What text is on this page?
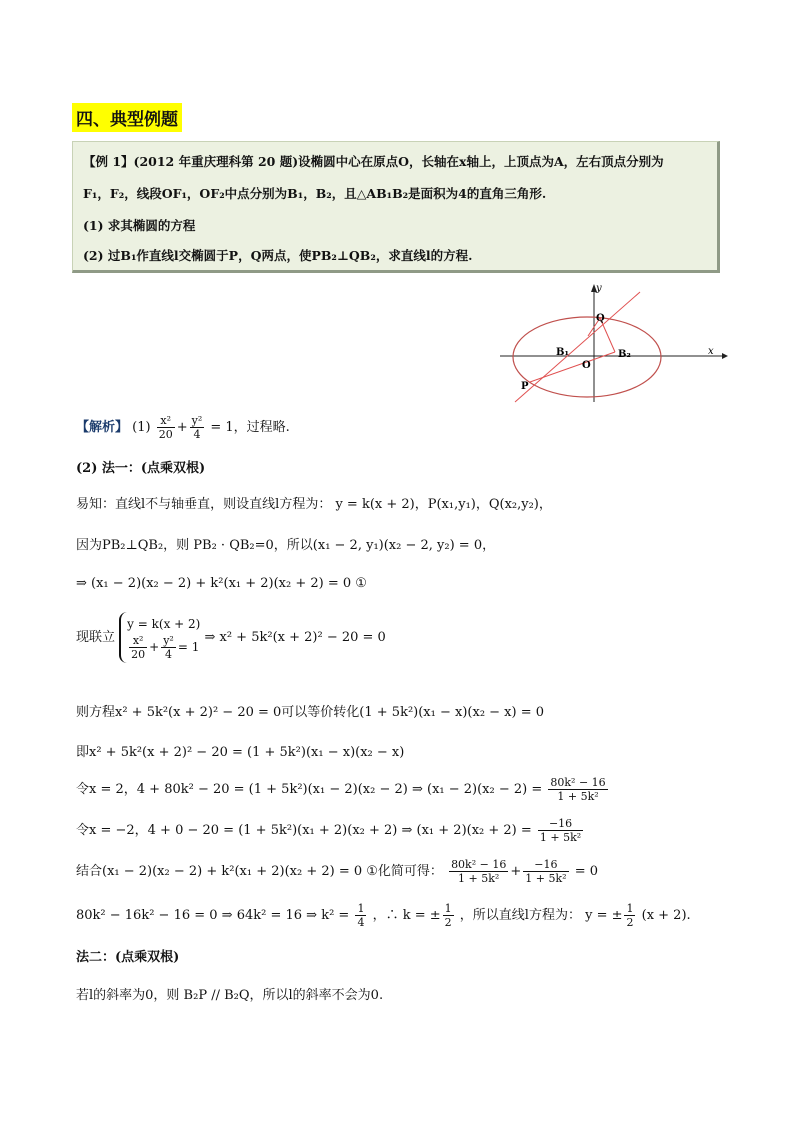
四、典型例题
【例 1】(2012 年重庆理科第 20 题)设椭圆中心在原点O，长轴在x轴上，上顶点为A，左右顶点分别为
F₁，F₂，线段OF₁，OF₂中点分别为B₁，B₂，且△AB₁B₂是面积为4的直角三角形.
(1) 求其椭圆的方程
(2) 过B₁作直线l交椭圆于P，Q两点，使PB₂⊥QB₂，求直线l的方程.
y
x
Q
B₁
O
B₂
P
【解析】 $(1) \frac{\text{x²}}{20} + \frac{\text{y²}}{4} = 1$，过程略.
(2) 法一：(点乘双根)
易知：直线l不与轴垂直，则设直线l方程为： y = k(x + 2)，P(x₁,y₁)，Q(x₂,y₂)，
因为PB₂⊥QB₂，则 PB₂ · QB₂=0，所以(x₁ − 2, y₁)(x₂ − 2, y₂) = 0，
⇒ (x₁ − 2)(x₂ − 2) + k²(x₁ + 2)(x₂ + 2) = 0 ①
现联立
y = k(x + 2)
$\frac{\text{x²}}{20} + \frac{\text{y²}}{4} = 1$
⇒ x² + 5k²(x + 2)² − 20 = 0
则方程x² + 5k²(x + 2)² − 20 = 0可以等价转化(1 + 5k²)(x₁ − x)(x₂ − x) = 0
即x² + 5k²(x + 2)² − 20 = (1 + 5k²)(x₁ − x)(x₂ − x)
令x = 2，4 + 80k² − 20 = (1 + 5k²)(x₁ − 2)(x₂ − 2) ⇒ $(x_1 - 2)(x_2 - 2) = \frac{\text{80k² − 16}}{\text{1 + 5k²}}$
令x = −2，4 + 0 − 20 = (1 + 5k²)(x₁ + 2)(x₂ + 2) ⇒ $(x_1 + 2)(x_2 + 2) = \frac{-16}{\text{1 + 5k²}}$
结合(x₁ − 2)(x₂ − 2) + k²(x₁ + 2)(x₂ + 2) = 0 ①化简可得： $\frac{\text{80k² − 16}}{\text{1 + 5k²}} + \frac{-16}{\text{1 + 5k²}} = 0$
80k² − 16k² − 16 = 0 ⇒ 64k² = 16 ⇒ $k^2 = \frac{1}{4}$ ，∴ k = ± $\frac{1}{2}$ ，所以直线l方程为： y = ± $\frac{1}{2} (x + 2)$.
法二：(点乘双根)
若l的斜率为0，则 B₂P // B₂Q，所以l的斜率不会为0.
